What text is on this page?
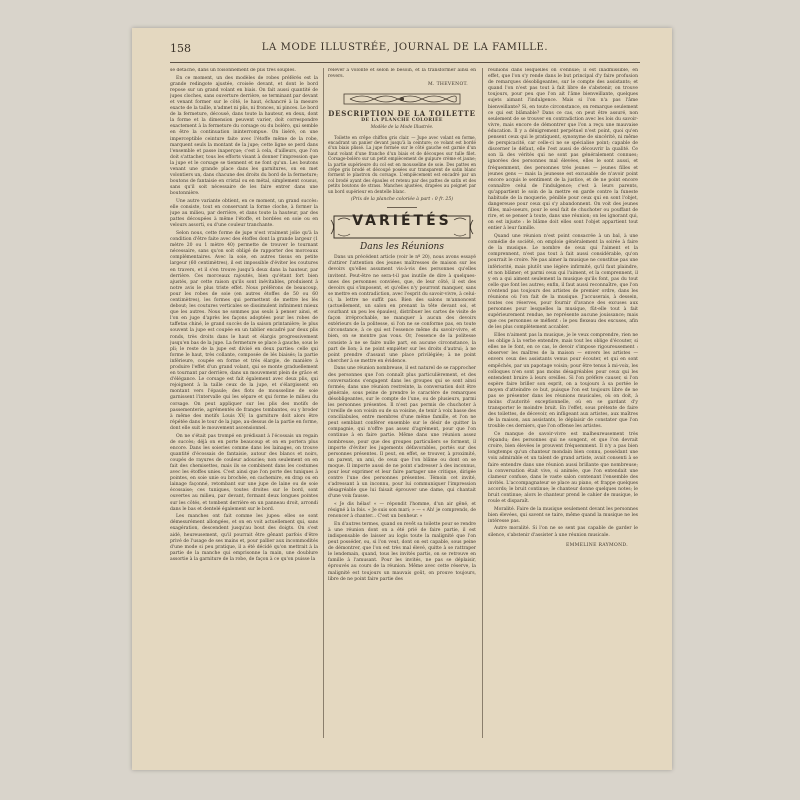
158	LA MODE ILLUSTRÉE, JOURNAL DE LA FAMILLE.

se détache, dans un foisonnement de plis très souples.

En ce moment, un des modèles de robes préférés est la grande redingote ajustée, croisée devant, et dont le bord repose sur un grand volant en biais. On fait aussi quantité de jupes cloches, sans ouverture derrière, se terminant par devant et venant former sur le côté, le haut, échancré à la mesure exacte de la taille, n'admet ni plis, ni fronces, ni pinces. Le bord de la fermeture, décousé, dans toute la hauteur, en deux, dont la forme et la dimension peuvent varier, doit correspondre exactement à la fermeture du corsage ou du boléro, qui semble en être la continuation ininterrompue. On liséré, on une imperceptible ceinture faite avec l'étoffe même de la robe, marquent seuls la montant de la jupe; cette ligne se perd dans l'ensemble et passe inaperçue; c'est à cela, d'ailleurs, que l'on doit s'attacher, tous les efforts visant à donner l'impression que la jupe et le corsage se tiennent et ne font qu'un. Les boutons venant une grande place dans les garnitures, on en met volontiers un, dans chacune des droits du bord de la fermeture; boutons de fantaisie en cristal ou en métal, simplement cousus, sans qu'il soit nécessaire de les faire entrer dans une boutonnière.

Une autre variante obtient, en ce moment, un grand succès: elle consiste, tout en conservant la forme cloche, à former la jupe au milieu, par derrière, et dans toute la hauteur, par des pattes découpées à même l'étoffe, et bordées en soie ou en velours assorti, ou d'une couleur tranchante.

Selon nous, cette forme de jupe n'est vraiment jolie qu'à la condition d'être faite avec des étoffes dont la grande largeur (1 mètre 20 ou 1 mètre 40) permette de trouver le tournant nécessaire, sans qu'on soit obligé de rapporter des morceaux complémentaires. Avec la soie, en autres tissus en petite largeur (60 centimètres), il est impossible d'éviter les coutures en travers, et il s'en trouve jusqu'à deux dans la hauteur, par derrière. Ces morceaux rajoutés, bien qu'étant fort bien ajustés, par cette raison qu'ils sont inévitables, produisent à notre avis le plus triste effet. Nous préférons de beaucoup, pour les robes de soie (en autres étoffes de 50 ou 60 centimètres), les formes qui permettent de mettre les lés debout; les coutures verticales se dissimulent infiniment mieux que les autres. Nous ne sommes pas seuls à penser ainsi, et l'on en juge d'après les façons adoptées pour les robes de taffetas chiné, le grand succès de la saison printanière; le plus souvent la jupe est coupée en un tablier encadré par deux plis ronds, très droits dans le haut et élargis progressivement jusqu'en bas de la jupe. La fermeture se place à gauche, sous le pli; le reste de la jupe est divisé en deux parties: celle qui forme le haut, très collante, composée de lés biaisés; la partie inférieure, coupée en forme et très élargie, de manière à produire l'effet d'un grand volant, qui se monte graduellement en tournant par derrière, dans un mouvement plein de grâce et d'élégance. Le corsage est fait également avec deux plis, qui rejoignent à la taille ceux de la jupe, et s'élargissent en montant vers l'épaule; des flots de mousseline de soie garnissent l'intervalle qui les sépare et qui forme le milieu du corsage. On peut appliquer sur les plis des motifs de passementerie, agrémentés de franges tombantes, ou y broder à même des motifs Louis XV; la garniture doit alors être répétée dans le tour de la jupe, au-dessus de la partie en forme, dont elle suit le mouvement ascensionnel.

On ne s'était pas trompé en prédisant à l'écossais un regain de succès; déjà on en porte beaucoup et on en portera plus encore. Dans les soieries comme dans les lainages, on trouve quantité d'écossais de fantaisie, autour des blancs et noirs, coupés de rayures de couleur adoucies; non seulement on en fait des chemisettes, mais ils se combinent dans les costumes avec les étoffes unies. C'est ainsi que l'on porte des tuniques à pointes, en soie unie ou brochée, en cachemire, en drap ou en lainage façonné, retombant sur une jupe de laine ou de soie écossaise; ces tuniques, toutes droites sur le bord, sont ouvertes au milieu, par devant, formant deux longues pointes sur les côtés, et tombent derrière en un panneau droit, arrondi dans le bas et dentelé également sur le bord.

Les manches ont fait comme les jupes: elles se sont démesurément allongées, et on en voit actuellement qui, sans exagération, descendent jusqu'au bout des doigts. On s'est aidé, heureusement, qu'il pourrait être gênant parfois d'être privé de l'usage de ses mains et, pour pallier aux incommodités d'une mode si peu pratique, il a été décidé qu'on mettrait à la partie de la manche qui emprisonne la main, une doublure assortie à la garniture de la robe, de façon à ce qu'on puisse la

relever à volonté et selon le besoin, et la transformer ainsi en revers.

M. THEVENOT.
DESCRIPTION DE LA TOILETTE
DE LA PLANCHE COLORIÉE
Modèle de la Mode Illustrée.

Toilette en crêpe chiffon gris clair. — Jupe avec volant en forme, encadrant un panier devant jusqu'à la ceinture; ce volant est bordé d'un biais plissé. La jupe formée sur le côté gauche est garnie d'un haut volant d'une franche d'un biais et de découpes sur tulle filet. Corsage-boléro sur un petit empiècement de guipure crème et jaune; la partie supérieure du col est en mousseline de soie. Des pattes en crêpe gris brodé et découpé posées sur transparent de satin blanc forment le plastron du corsage. L'empiècement est encadré par un col brodé ayant des épaules et retenu par des pattes de satin et des petits boutons de strass. Manches ajustées, drapées au poignet par un bord supérieur en dentelle blanc.

(Prix de la planche coloriée à part : 0 fr. 25)
VARIÉTÉS
Dans les Réunions

Dans un précédent article (voir le nº 20), nous avons essayé d'attirer l'attention des jeunes maîtresses de maison sur les devoirs qu'elles assument vis-à-vis des personnes qu'elles invitent. Peut-être ne sera-t-il pas inutile de dire à quelques-unes des personnes conviées, que, de leur côté, il est des devoirs qui s'imposent, et qu'elles n'y pourront manquer, sans se mettre en contradiction, avec l'esprit du savoir-vivre, à celui-ci, la lettre ne suffit pas. Bien des salons m'annoncent (actuellement, un salon en prenant la tête devant soi, et courbant un peu les épaules), distribuer les cartes de visite de façon irréprochable, ne manquer à aucun des devoirs extérieurs de la politesse, si l'on ne se conforme pas, en toute circonstance, à ce qui est l'essence même du savoir-vivre, et bien, on se montre pas vous. Or, l'essence de la politesse consiste à ne se faire nulle part, en aucune circonstance, la part de lion; à ne point empiéter sur les droits d'autrui; à ne point prendre d'assaut une place privilégiée; à ne point chercher à se mettre en évidence.

Dans une réunion nombreuse, il est naturel de se rapprocher des personnes que l'on connaît plus particulièrement, et des conversations s'engagent dans les groupes qui se sont ainsi formés; dans une réunion restreinte, la conversation doit être générale, sous peine de prendre le caractère de remarques désobligeantes, sur le compte de l'une, ou de plusieurs, parmi les personnes présentes. Il n'est pas permis de chuchoter à l'oreille de son voisin ou de sa voisine, de tenir à voix basse des conciliabules, entre membres d'une même famille, et l'on ne peut semblant conférer ensemble sur le désir de quitter la compagnie, qui n'offre pas assez d'agrément, pour que l'on continue à en faire partie. Même dans une réunion assez nombreuse, pour que des groupes particuliers se forment, il importe d'éviter les jugements défavorables, portés sur des personnes présentes. Il peut, en effet, se trouver, à proximité, un parent, un ami, de ceux que l'on blâme ou dont on se moque. Il importe aussi de ne point s'adresser à des inconnus, pour leur exprimer et leur faire partager une critique, dirigée contre l'une des personnes présentes. Témoin cet invité, s'adressant à un inconnu, pour lui communiquer l'impression désagréable que lui faisait éprouver une dame, qui chantait d'une voix fausse.

« Je dis hélas! « — répondit l'homme, d'un air gêné, et résigné à la fois. « Je suis son mari; » — « Ah! je comprends, de renoncer à chanter... C'est un bonheur. »

En d'autres termes, quand on revêt sa toilette pour se rendre à une réunion dont on a été prié de faire partie, il est indispensable de laisser au logis toute la malignité que l'on peut posséder, ou, si l'on veut, dont on est capable, sous peine de démontrer, que l'on est très mal élevé, quitte à se rattraper le lendemain, quand, tous les invités partis, on se retrouve en famille à l'amusant. Pour les invités, ne pas se déplaisir, éprouvés au cours de la réunion. Même avec cette réserve, la malignité est toujours un mauvais goût, on prouve toujours, libre de ne point faire partie des

réunions dans lesquelles on s'ennuie; il est inadmissible, en effet, que l'on s'y rende dans le but principal d'y faire profusion de remarques désobligeantes, sur le compte des assistants; et quand l'on n'est pas tout à fait libre de s'abstenir, on trouve toujours, pour peu que l'on ait l'âme bienveillante, quelques sujets aimant l'indulgence. Mais si l'on n'a pas l'âme bienveillante? Si, en toute circonstance, on remarque seulement ce qui est blâmable? Dans ce cas, on peut être assuré, non seulement de se trouver en contradiction avec les lois du savoir-vivre, mais encore de démontrer que l'on a reçu une mauvaise éducation. Il y a dénigrement perpétuel n'est point, quoi qu'en pensent ceux qui le pratiquent, synonyme de sincérité, ni même de perspicacité, car celle-ci ne se spécialise point; capable de discerner le défaut, elle l'est aussi de découvrir la qualité. Ce son là des vérités qui ne sont pas généralement connues; ignorées des personnes mal élevées, elles le sont aussi, et fréquemment, des personnes très jeunes — jeunes filles et jeunes gens — mais la jeunesse est excusable de n'avoir point encore acquis le sentiment de la justice, et de ne point encore connaître celui de l'indulgence; c'est à leurs parents, qu'appartient le soin de la mettre en garde contre la funeste habitude de la moquerie, pénible pour ceux qui en sont l'objet, dangereuse pour ceux qui s'y abandonnent. On voit des jeunes filles, mal-soeurs, pour le seul fait de chuchoter ou pouffant de rire, et se penser à toute, dans une réunion; on les ignorant qui, on est injuste : le blâme doit elles sont l'objet appartient tout entier à leur famille.

Quand une réunion n'est point consacrée à un bal, à une comédie de société, on emploie généralement la soirée à faire de la musique. Le nombre de ceux qui l'aiment et la comprennent, n'est pas tout à fait aussi considérable, qu'on pourrait le croire. Ne pas aimer la musique ne constitue pas une infériorité, mais plutôt une légère infirmité, qu'il faut plaindre, et non blâmer; et parmi ceux qui l'aiment, et la comprennent, il y en a qui aiment seulement la musique qu'ils font, pas du tout celle que font les autres; enfin, il faut aussi reconnaître, que l'on n'entend pas toujours des artistes de premier ordre, dans les réunions où l'on fait de la musique. J'accuserais, à dessein, toutes ces réserves, pour fournir d'avance des excuses aux personnes pour lesquelles la musique, fût-elle tout à fait supérieurement rendue, ne représente aucune jouissance; mais que ces personnes se méfient : le peu flexeau des excuses, afin de les plus complètement accabler.

Elles n'aiment pas la musique, je le veux comprendre, rien ne les oblige à la verbe entendre, mais tout les oblige d'écouter, si elles ne le font, en ce cas, le devoir s'impose rigoureusement : observer les maîtres de la maison — envers les artistes — envers ceux des assistants venus pour écouter, et qui en sont empêchés, par un papotage voisin; pour être tenus à mi-voix, les colloques n'en sont pas moins désagréables pour ceux qui les entendent bruire à leurs oreilles. Si l'on préfère causer, si l'on espère faire briller son esprit, on a toujours à sa portée le moyen d'atteindre ce but, puisque l'on est toujours libre de ne pas se présenter dans les réunions musicales, où on doit, à moins d'autorité exceptionnelle, où en se gardant d'y transporter le moindre bruit. En l'effet, sous prétexte de faire des toilettes, de décevoir, en infligeant aux artistes, aux maîtres de la maison, aux assistants, le déplaisir de constater que l'on trouble ces derniers, que l'on offense les artistes.

Ce manque de savoir-vivre est malheureusement très répandu; des personnes qui ne songent, et que l'on devrait croire, bien élevées le prouvent fréquemment. Il n'y a pas bien longtemps qu'un chanteur mondain bien connu, possédant une voix admirable et un talent de grand artiste, avait consenti à se faire entendre dans une réunion aussi brillante que nombreuse; la conversation était vive, si animée, que l'on entendait une clameur confuse, dans le vaste salon contenant l'ensemble des invités. L'accompagnateur se place au piano, et frappe quelques accords; le bruit continue; le chanteur donne quelques notes; le bruit continue; alors le chanteur prend le cahier de musique, le roule et disparaît.

Moralité. Faire de la musique seulement devant les personnes bien élevées, qui savent se taire, même quand la musique ne les intéresse pas.

Autre moralité. Si l'on ne se sent pas capable de garder le silence, s'abstenir d'assister à une réunion musicale.

EMMELINE RAYMOND.
